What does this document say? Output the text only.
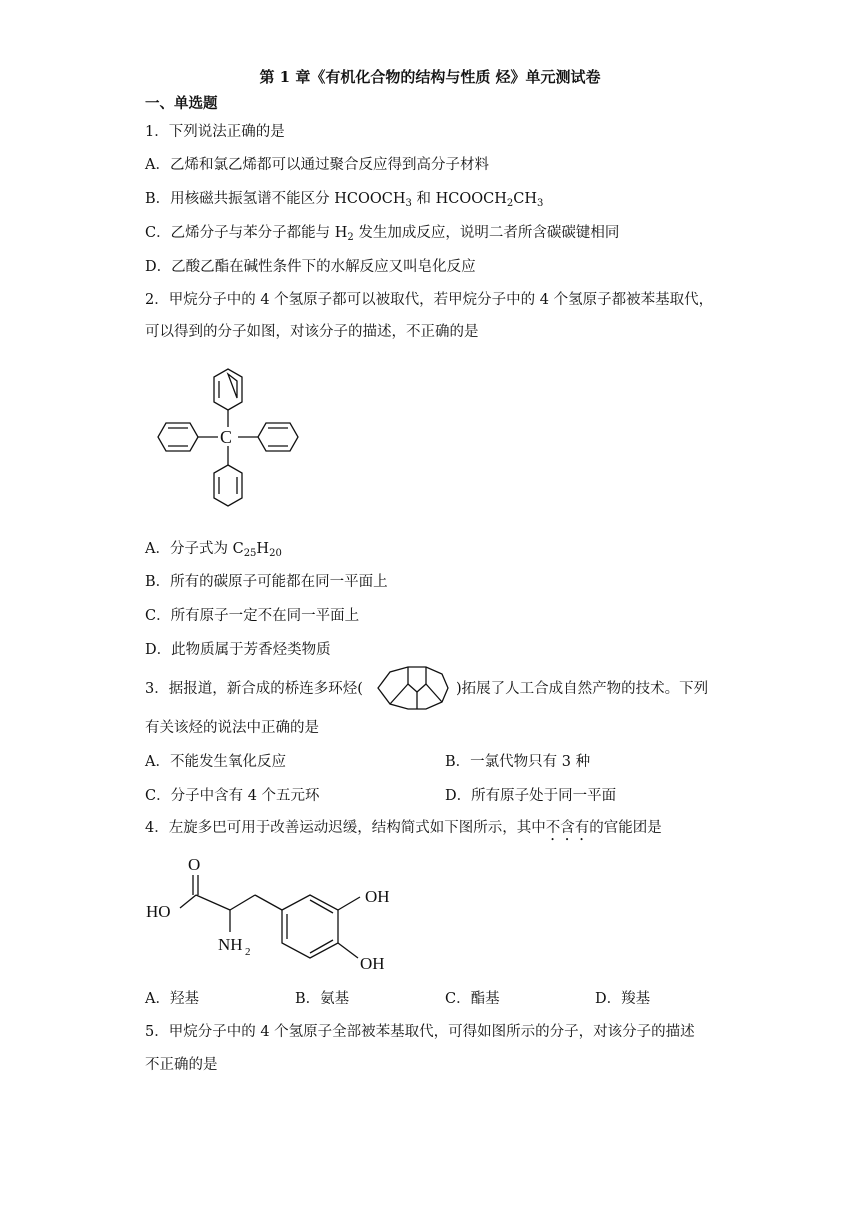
第 1 章《有机化合物的结构与性质 烃》单元测试卷
一、单选题
1．下列说法正确的是
A．乙烯和氯乙烯都可以通过聚合反应得到高分子材料
B．用核磁共振氢谱不能区分 $HCOOCH_3$ 和 $HCOOCH_2CH_3$
C．乙烯分子与苯分子都能与 $H_2$ 发生加成反应，说明二者所含碳碳键相同
D．乙酸乙酯在碱性条件下的水解反应又叫皂化反应
2．甲烷分子中的 4 个氢原子都可以被取代，若甲烷分子中的 4 个氢原子都被苯基取代，
可以得到的分子如图，对该分子的描述，不正确的是
C
A．分子式为 $C_{25}H_{20}$
B．所有的碳原子可能都在同一平面上
C．所有原子一定不在同一平面上
D．此物质属于芳香烃类物质
3．据报道，新合成的桥连多环烃(	)拓展了人工合成自然产物的技术。下列
有关该烃的说法中正确的是
A．不能发生氧化反应	B．一氯代物只有 3 种
C．分子中含有 4 个五元环	D．所有原子处于同一平面
4．左旋多巴可用于改善运动迟缓，结构简式如下图所示，其中不含有的官能团是
O
HO
OH
OH
NH 2
A．羟基	B．氨基	C．酯基	D．羧基
5．甲烷分子中的 4 个氢原子全部被苯基取代，可得如图所示的分子，对该分子的描述
不正确的是
